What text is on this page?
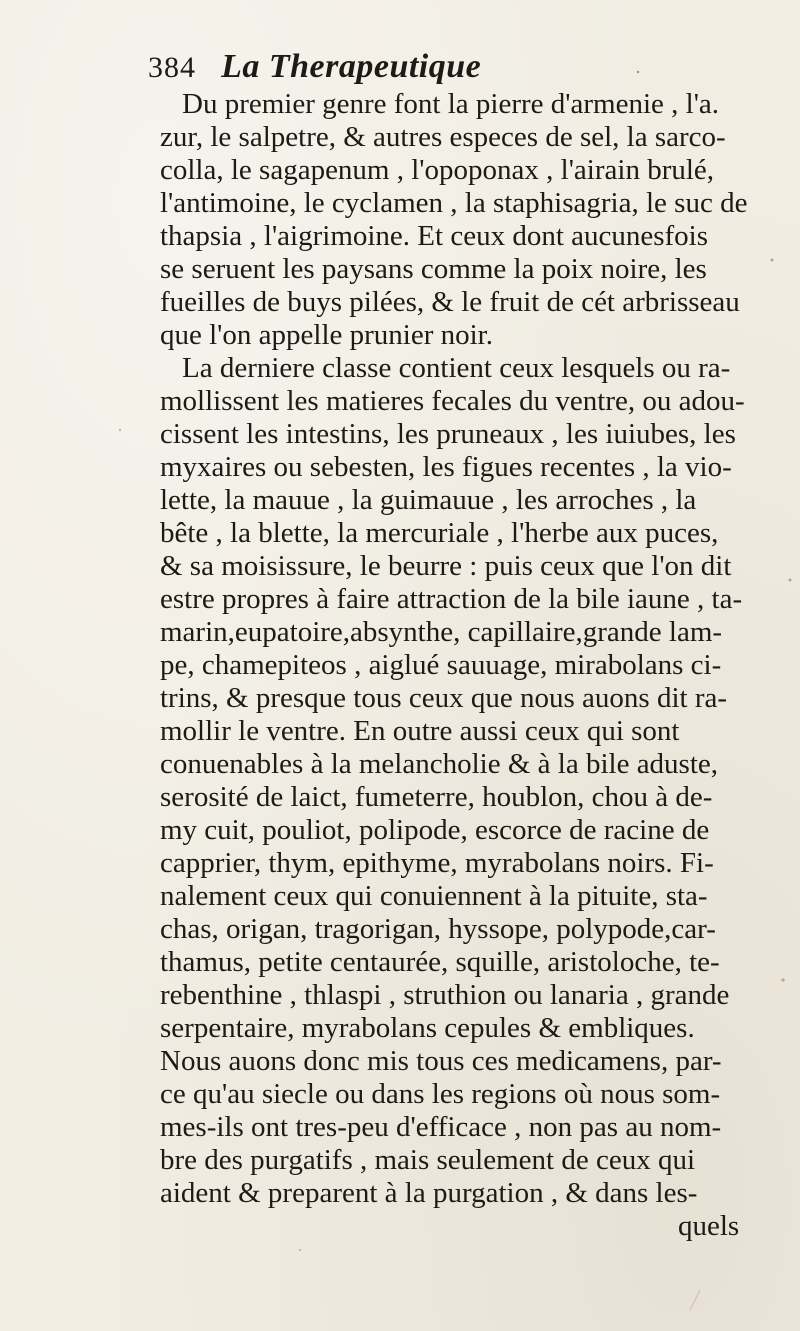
384 La Therapeutique
Du premier genre font la pierre d'armenie , l'a.
zur, le salpetre, & autres especes de sel, la sarco-
colla, le sagapenum , l'opoponax , l'airain brulé,
l'antimoine, le cyclamen , la staphisagria, le suc de
thapsia , l'aigrimoine. Et ceux dont aucunesfois
se seruent les paysans comme la poix noire, les
fueilles de buys pilées, & le fruit de cét arbrisseau
que l'on appelle prunier noir.
La derniere classe contient ceux lesquels ou ra-
mollissent les matieres fecales du ventre, ou adou-
cissent les intestins, les pruneaux , les iuiubes, les
myxaires ou sebesten, les figues recentes , la vio-
lette, la mauue , la guimauue , les arroches , la
bête , la blette, la mercuriale , l'herbe aux puces,
& sa moisissure, le beurre : puis ceux que l'on dit
estre propres à faire attraction de la bile iaune , ta-
marin,eupatoire,absynthe, capillaire,grande lam-
pe, chamepiteos , aiglué sauuage, mirabolans ci-
trins, & presque tous ceux que nous auons dit ra-
mollir le ventre. En outre aussi ceux qui sont
conuenables à la melancholie & à la bile aduste,
serosité de laict, fumeterre, houblon, chou à de-
my cuit, pouliot, polipode, escorce de racine de
capprier, thym, epithyme, myrabolans noirs. Fi-
nalement ceux qui conuiennent à la pituite, sta-
chas, origan, tragorigan, hyssope, polypode,car-
thamus, petite centaurée, squille, aristoloche, te-
rebenthine , thlaspi , struthion ou lanaria , grande
serpentaire, myrabolans cepules & embliques.
Nous auons donc mis tous ces medicamens, par-
ce qu'au siecle ou dans les regions où nous som-
mes-ils ont tres-peu d'efficace , non pas au nom-
bre des purgatifs , mais seulement de ceux qui
aident & preparent à la purgation , & dans les-
quels
